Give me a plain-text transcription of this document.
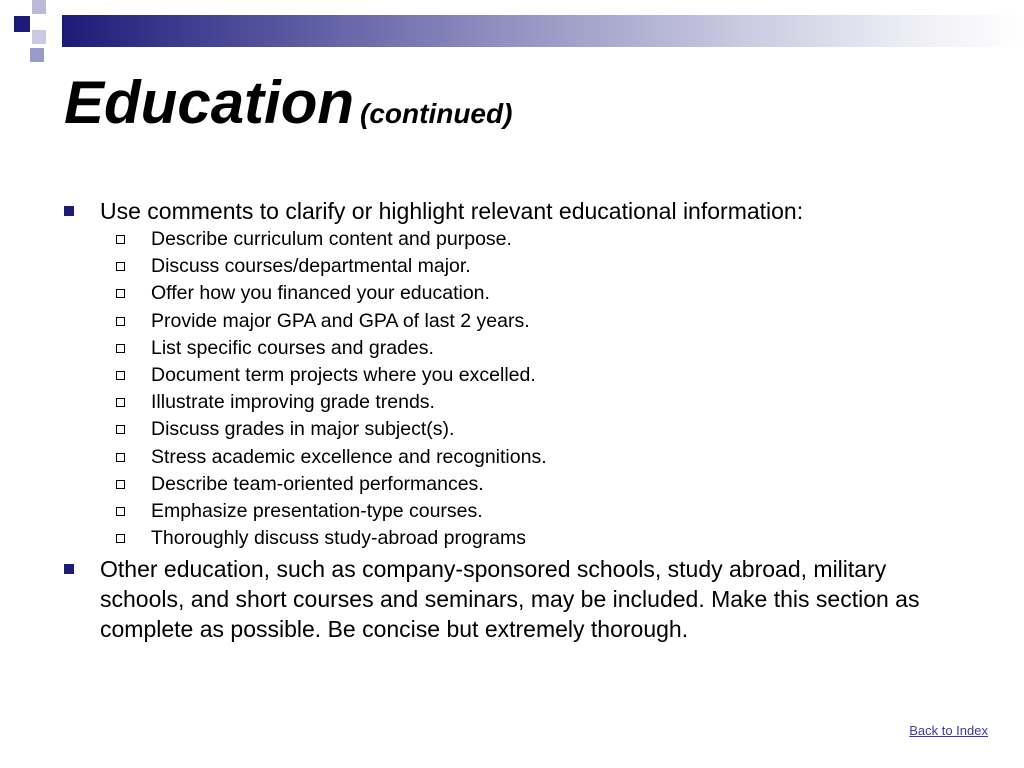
Education (continued)
Use comments to clarify or highlight relevant educational information:
Describe curriculum content and purpose.
Discuss courses/departmental major.
Offer how you financed your education.
Provide major GPA and GPA of last 2 years.
List specific courses and grades.
Document term projects where you excelled.
Illustrate improving grade trends.
Discuss grades in major subject(s).
Stress academic excellence and recognitions.
Describe team-oriented performances.
Emphasize presentation-type courses.
Thoroughly discuss study-abroad programs
Other education, such as company-sponsored schools, study abroad, military schools, and short courses and seminars, may be included. Make this section as complete as possible. Be concise but extremely thorough.
Back to Index
